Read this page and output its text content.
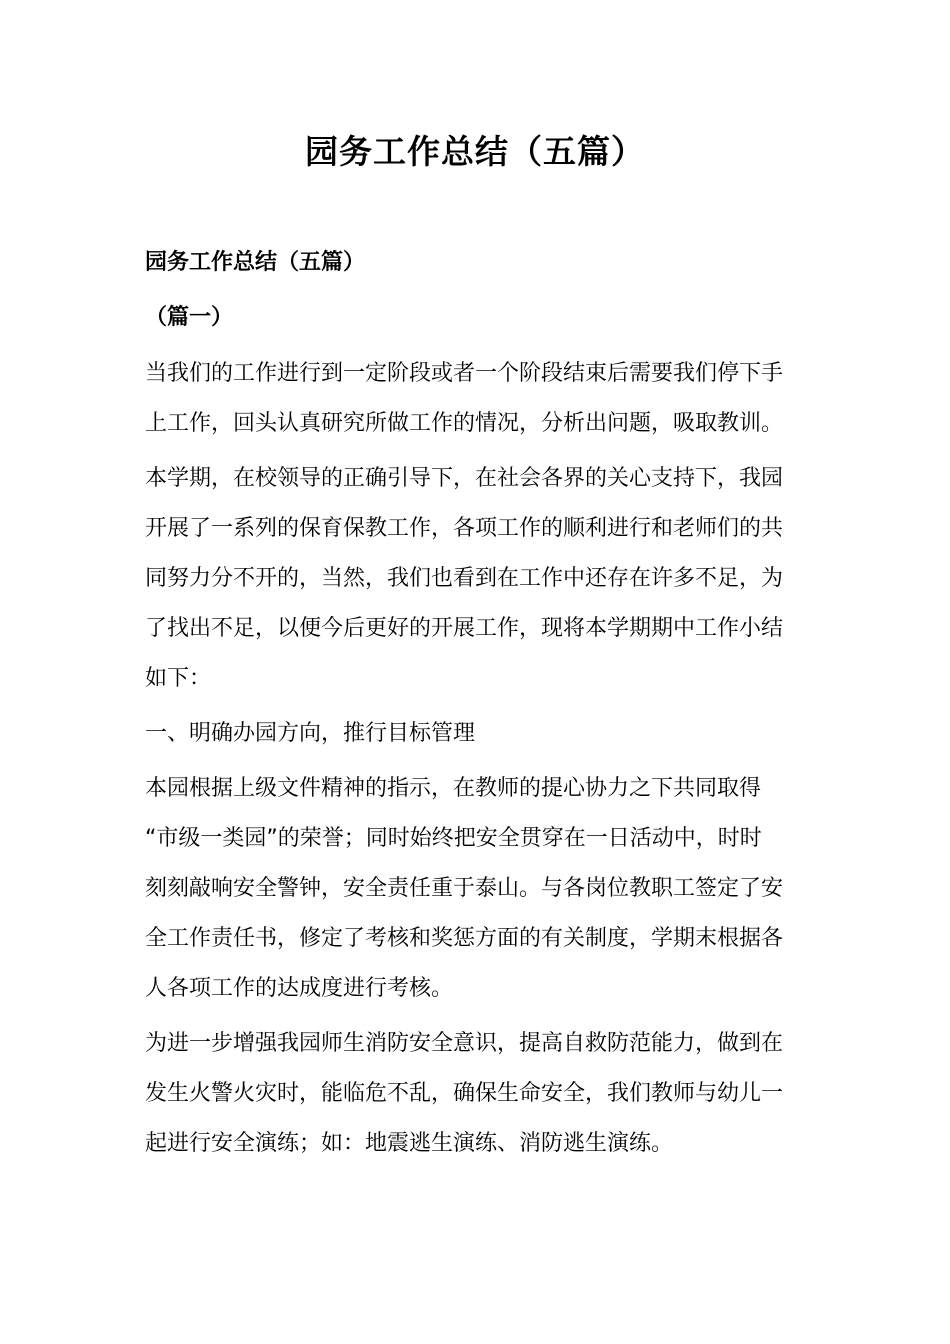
园务工作总结（五篇）
园务工作总结（五篇）
（篇一）
当我们的工作进行到一定阶段或者一个阶段结束后需要我们停下手
上工作，回头认真研究所做工作的情况，分析出问题，吸取教训。
本学期，在校领导的正确引导下，在社会各界的关心支持下，我园
开展了一系列的保育保教工作，各项工作的顺利进行和老师们的共
同努力分不开的，当然，我们也看到在工作中还存在许多不足，为
了找出不足，以便今后更好的开展工作，现将本学期期中工作小结
如下：
一、明确办园方向，推行目标管理
本园根据上级文件精神的指示，在教师的提心协力之下共同取得
“市级一类园”的荣誉；同时始终把安全贯穿在一日活动中，时时
刻刻敲响安全警钟，安全责任重于泰山。与各岗位教职工签定了安
全工作责任书，修定了考核和奖惩方面的有关制度，学期末根据各
人各项工作的达成度进行考核。
为进一步增强我园师生消防安全意识，提高自救防范能力，做到在
发生火警火灾时，能临危不乱，确保生命安全，我们教师与幼儿一
起进行安全演练；如：地震逃生演练、消防逃生演练。
